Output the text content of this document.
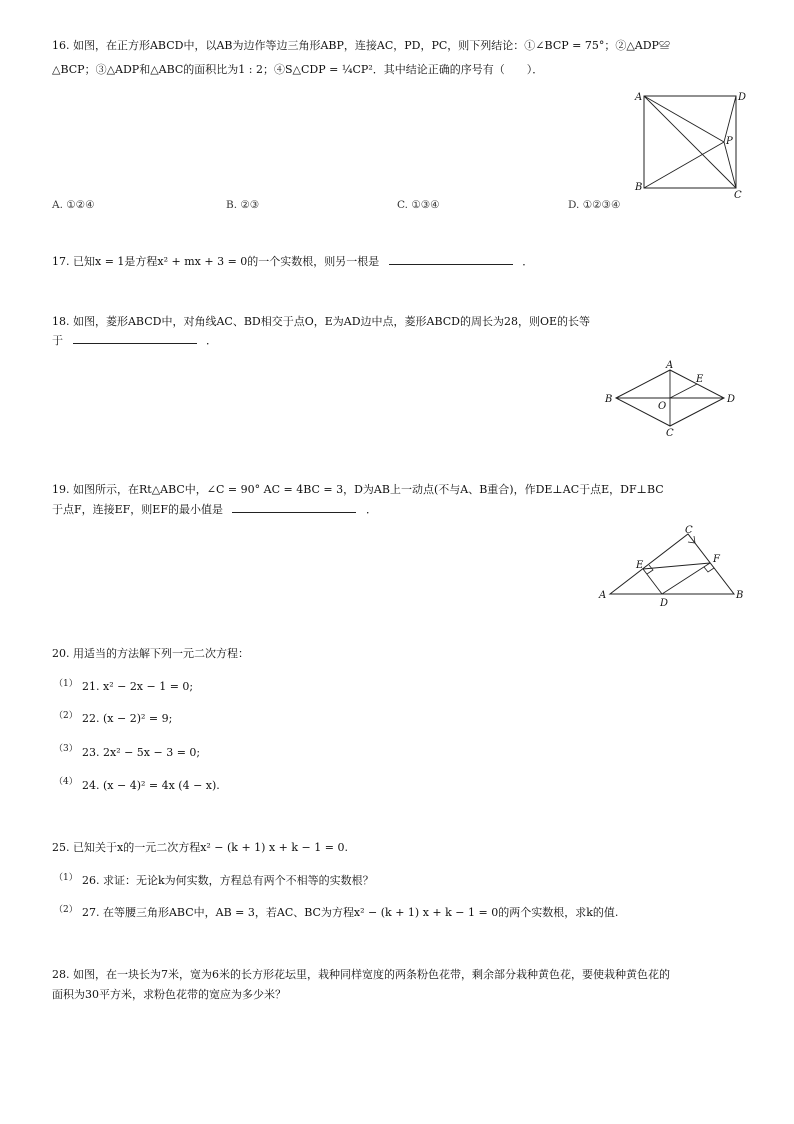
16. 如图，在正方形ABCD中，以AB为边作等边三角形ABP，连接AC，PD，PC，则下列结论：①∠BCP = 75°；②△ADP≌
△BCP；③△ADP和△ABC的面积比为1 : 2；④S△CDP = ¼CP²．其中结论正确的序号有（　　）．
A	D
P
B
C
A. ①②④	B. ②③	C. ①③④	D. ①②③④
17. 已知x = 1是方程x² + mx + 3 = 0的一个实数根，则另一根是	．
18. 如图，菱形ABCD中，对角线AC、BD相交于点O，E为AD边中点，菱形ABCD的周长为28，则OE的长等
于	．
A
E
B
O
D
C
19. 如图所示，在Rt△ABC中，∠C = 90° AC = 4BC = 3，D为AB上一动点(不与A、B重合)，作DE⊥AC于点E，DF⊥BC
于点F，连接EF，则EF的最小值是	．
C
E
F
A
D
B
20. 用适当的方法解下列一元二次方程：
（1） 21. x² − 2x − 1 = 0;
（2） 22. (x − 2)² = 9;
（3） 23. 2x² − 5x − 3 = 0;
（4） 24. (x − 4)² = 4x (4 − x).
25. 已知关于x的一元二次方程x² − (k + 1) x + k − 1 = 0.
（1） 26. 求证：无论k为何实数，方程总有两个不相等的实数根？
（2） 27. 在等腰三角形ABC中，AB = 3，若AC、BC为方程x² − (k + 1) x + k − 1 = 0的两个实数根，求k的值.
28. 如图，在一块长为7米，宽为6米的长方形花坛里，栽种同样宽度的两条粉色花带，剩余部分栽种黄色花，要使栽种黄色花的
面积为30平方米，求粉色花带的宽应为多少米？
